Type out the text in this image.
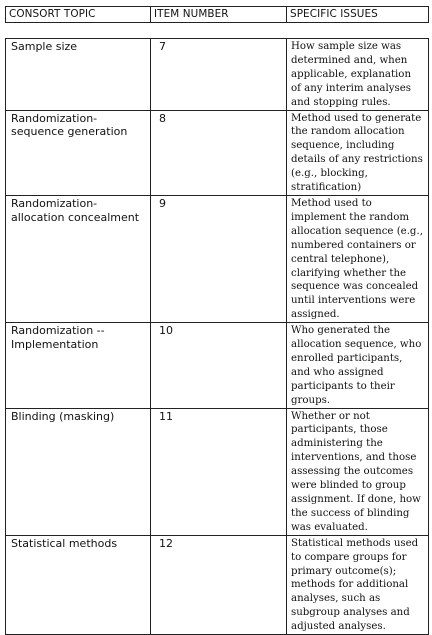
CONSORT TOPIC	ITEM NUMBER	SPECIFIC ISSUES
Sample size	7	How sample size was determined and, when applicable, explanation of any interim analyses and stopping rules.
Randomization-sequence generation	8	Method used to generate the random allocation sequence, including details of any restrictions (e.g., blocking, stratification)
Randomization-allocation concealment	9	Method used to implement the random allocation sequence (e.g., numbered containers or central telephone), clarifying whether the sequence was concealed until interventions were assigned.
Randomization -- Implementation	10	Who generated the allocation sequence, who enrolled participants, and who assigned participants to their groups.
Blinding (masking)	11	Whether or not participants, those administering the interventions, and those assessing the outcomes were blinded to group assignment. If done, how the success of blinding was evaluated.
Statistical methods	12	Statistical methods used to compare groups for primary outcome(s); methods for additional analyses, such as subgroup analyses and adjusted analyses.
